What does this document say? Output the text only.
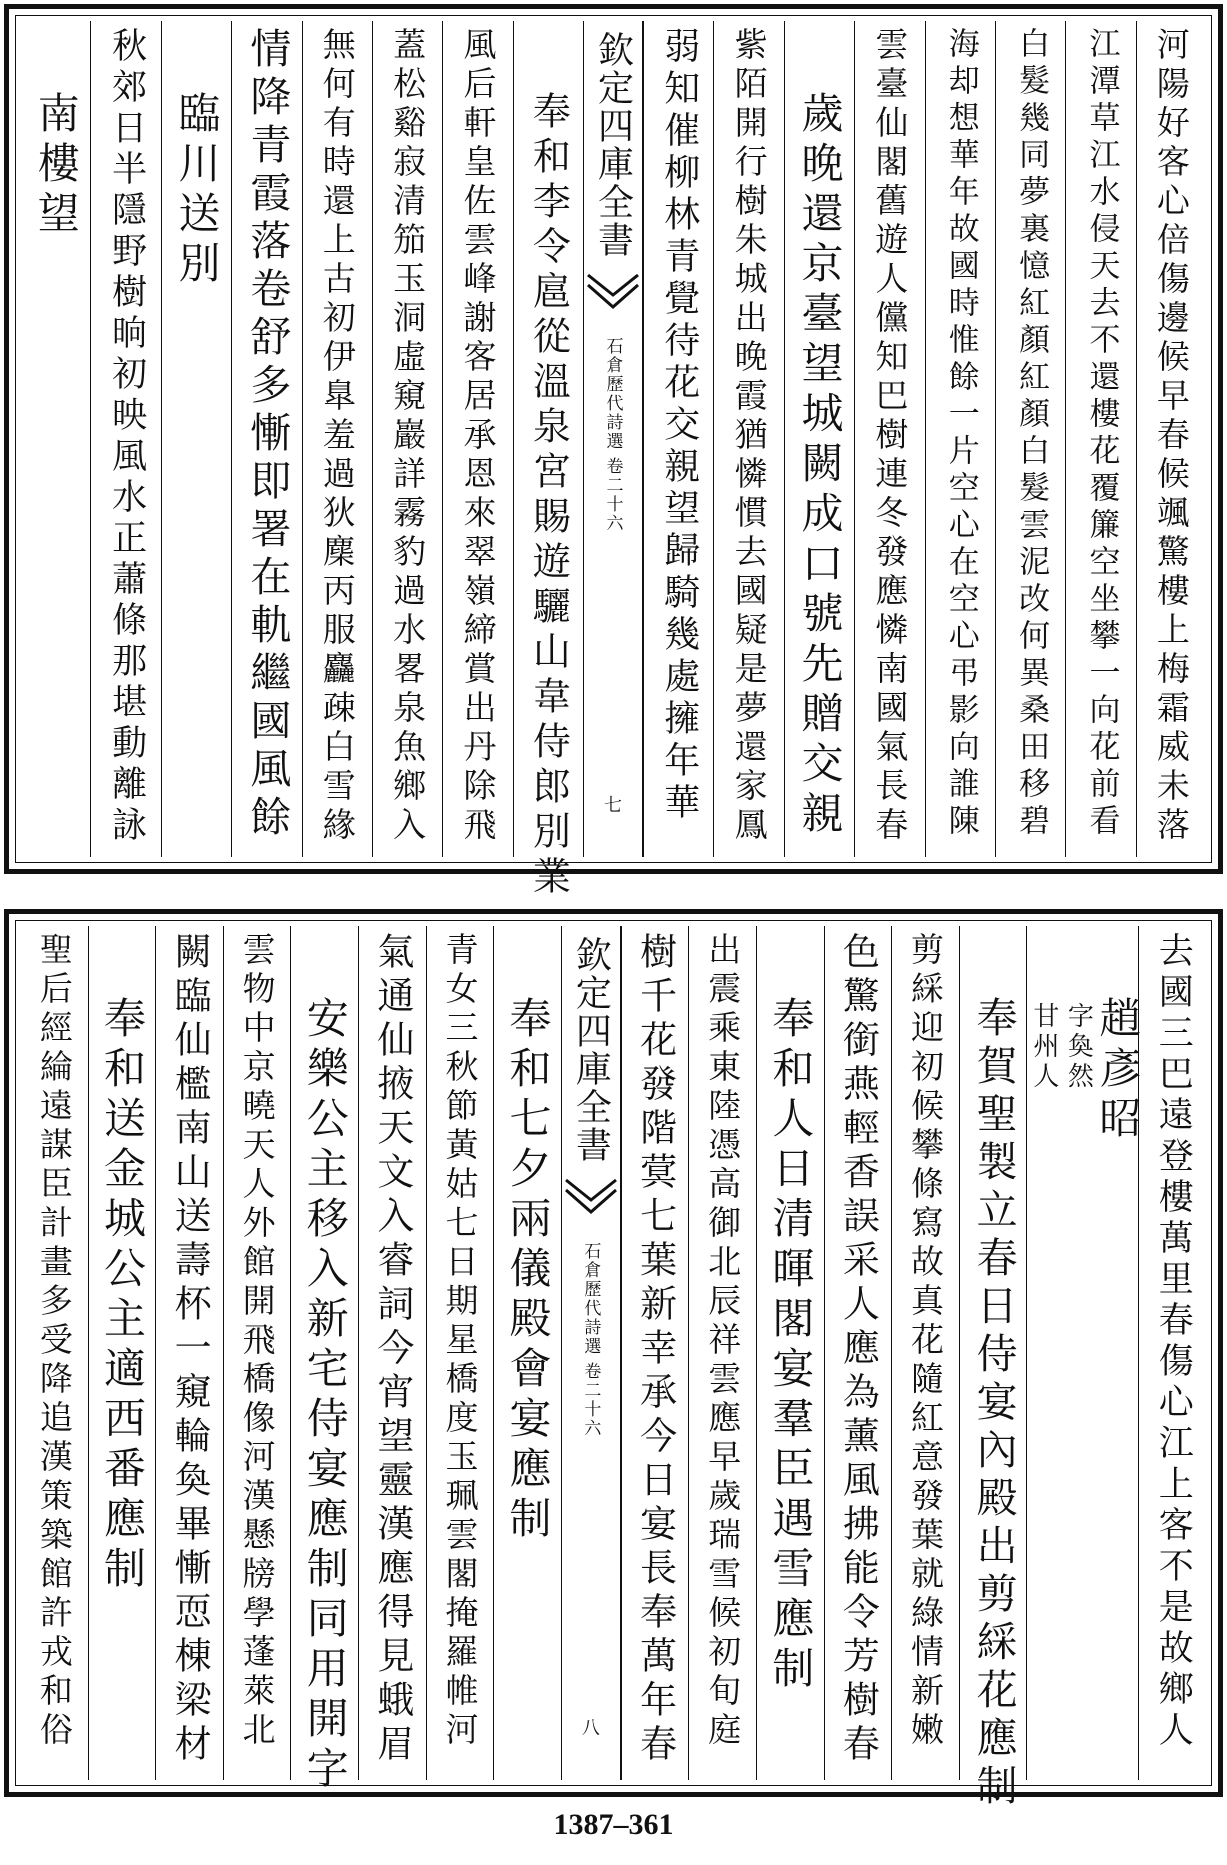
河陽好客心倍傷邊候早春候颯驚樓上梅霜威未落
江潭草江水侵天去不還樓花覆簾空坐攀一向花前看
白髮幾同夢裏憶紅顏紅顏白髮雲泥改何異桑田移碧
海却想華年故國時惟餘一片空心在空心弔影向誰陳
雲臺仙閣舊遊人儻知巴樹連冬發應憐南國氣長春
歲晚還京臺望城闕成口號先贈交親
紫陌開行樹朱城出晚霞猶憐慣去國疑是夢還家鳳
弱知催柳林青覺待花交親望歸騎幾處擁年華
欽定四庫全書
石倉歷代詩選
卷二十六
七
奉和李令扈從溫泉宮賜遊驪山韋侍郎別業
風后軒皇佐雲峰謝客居承恩來翠嶺締賞出丹除飛
蓋松谿寂清笳玉洞虛窺巖詳霧豹過水畧泉魚鄉入
無何有時還上古初伊臯羞過狄䴢丙服麤疎白雪緣
情降青霞落卷舒多慚即署在軌繼國風餘
臨川送別
秋郊日半隱野樹晌初映風水正蕭條那堪動離詠
南樓望
去國三巴遠登樓萬里春傷心江上客不是故鄉人
趙彥昭
字奐然
甘州人
奉賀聖製立春日侍宴內殿出剪綵花應制
剪綵迎初候攀條寫故真花隨紅意發葉就綠情新嫩
色驚銜燕輕香誤采人應為薰風拂能令芳樹春
奉和人日清暉閣宴羣臣遇雪應制
出震乘東陸憑高御北辰祥雲應早歲瑞雪候初旬庭
樹千花發階蓂七葉新幸承今日宴長奉萬年春
欽定四庫全書
石倉歷代詩選
卷二十六
八
奉和七夕兩儀殿會宴應制
青女三秋節黃姑七日期星橋度玉珮雲閣掩羅帷河
氣通仙掖天文入睿詞今宵望靈漢應得見蛾眉
安樂公主移入新宅侍宴應制同用開字
雲物中京曉天人外館開飛橋像河漢懸牓學蓬萊北
闕臨仙檻南山送壽杯一窺輪奐畢慚恧棟梁材
奉和送金城公主適西番應制
聖后經綸遠謀臣計畫多受降追漢策築館許戎和俗
1387–361
